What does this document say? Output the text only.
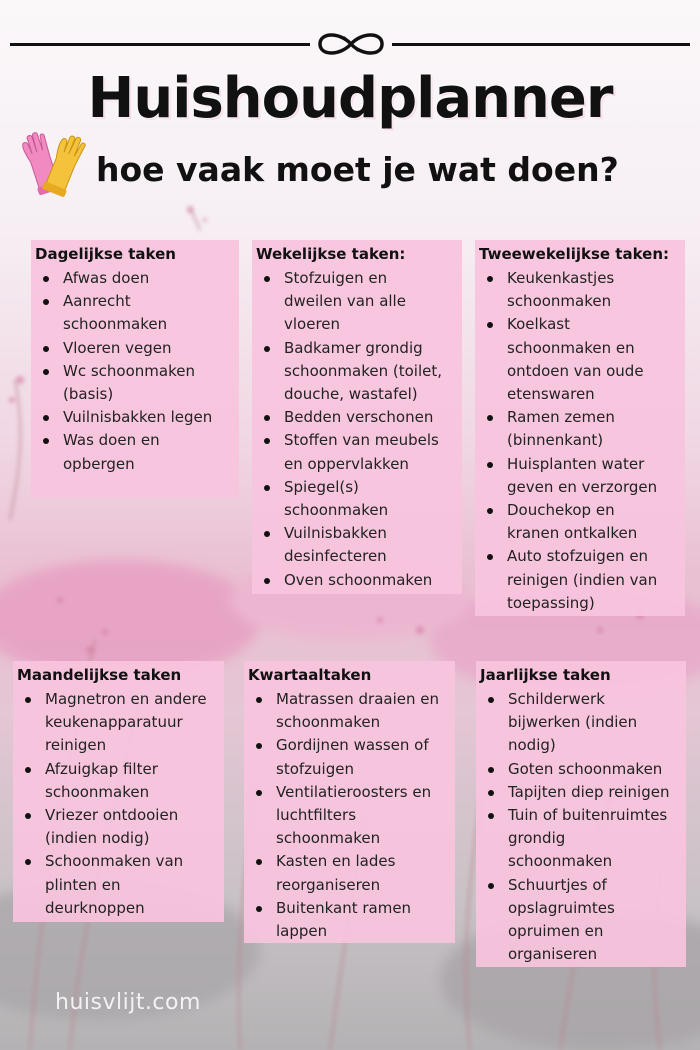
Huishoudplanner
hoe vaak moet je wat doen?
Dagelijkse taken
Afwas doen
Aanrecht
schoonmaken
Vloeren vegen
Wc schoonmaken
(basis)
Vuilnisbakken legen
Was doen en
opbergen
Wekelijkse taken:
Stofzuigen en
dweilen van alle
vloeren
Badkamer grondig
schoonmaken (toilet,
douche, wastafel)
Bedden verschonen
Stoffen van meubels
en oppervlakken
Spiegel(s)
schoonmaken
Vuilnisbakken
desinfecteren
Oven schoonmaken
Tweewekelijkse taken:
Keukenkastjes
schoonmaken
Koelkast
schoonmaken en
ontdoen van oude
etenswaren
Ramen zemen
(binnenkant)
Huisplanten water
geven en verzorgen
Douchekop en
kranen ontkalken
Auto stofzuigen en
reinigen (indien van
toepassing)
Maandelijkse taken
Magnetron en andere
keukenapparatuur
reinigen
Afzuigkap filter
schoonmaken
Vriezer ontdooien
(indien nodig)
Schoonmaken van
plinten en
deurknoppen
Kwartaaltaken
Matrassen draaien en
schoonmaken
Gordijnen wassen of
stofzuigen
Ventilatieroosters en
luchtfilters
schoonmaken
Kasten en lades
reorganiseren
Buitenkant ramen
lappen
Jaarlijkse taken
Schilderwerk
bijwerken (indien
nodig)
Goten schoonmaken
Tapijten diep reinigen
Tuin of buitenruimtes
grondig
schoonmaken
Schuurtjes of
opslagruimtes
opruimen en
organiseren
huisvlijt.com
